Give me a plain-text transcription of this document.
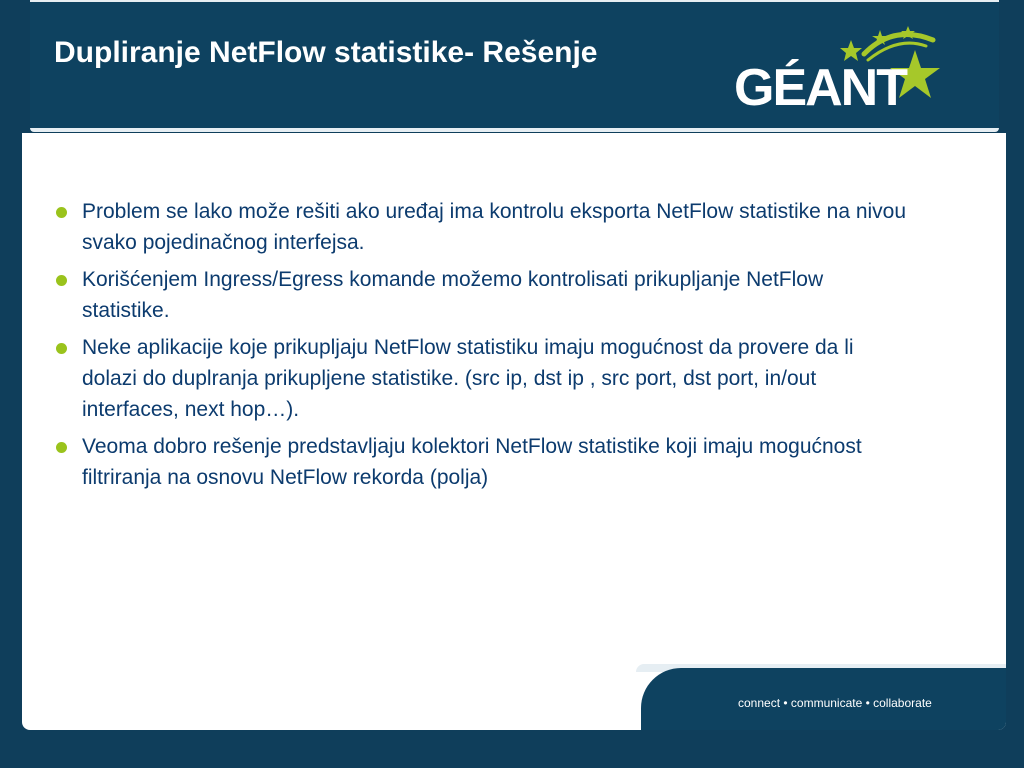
Dupliranje NetFlow statistike- Rešenje
GÉANT
Problem se lako može rešiti ako uređaj ima kontrolu eksporta NetFlow statistike na nivou svako pojedinačnog interfejsa.
Korišćenjem Ingress/Egress komande možemo kontrolisati prikupljanje NetFlow statistike.
Neke aplikacije koje prikupljaju NetFlow statistiku imaju mogućnost da provere da li dolazi do duplranja prikupljene statistike. (src ip, dst ip , src port, dst port, in/out interfaces, next hop…).
Veoma dobro rešenje predstavljaju kolektori NetFlow statistike koji imaju mogućnost filtriranja na osnovu NetFlow rekorda (polja)
connect • communicate • collaborate
